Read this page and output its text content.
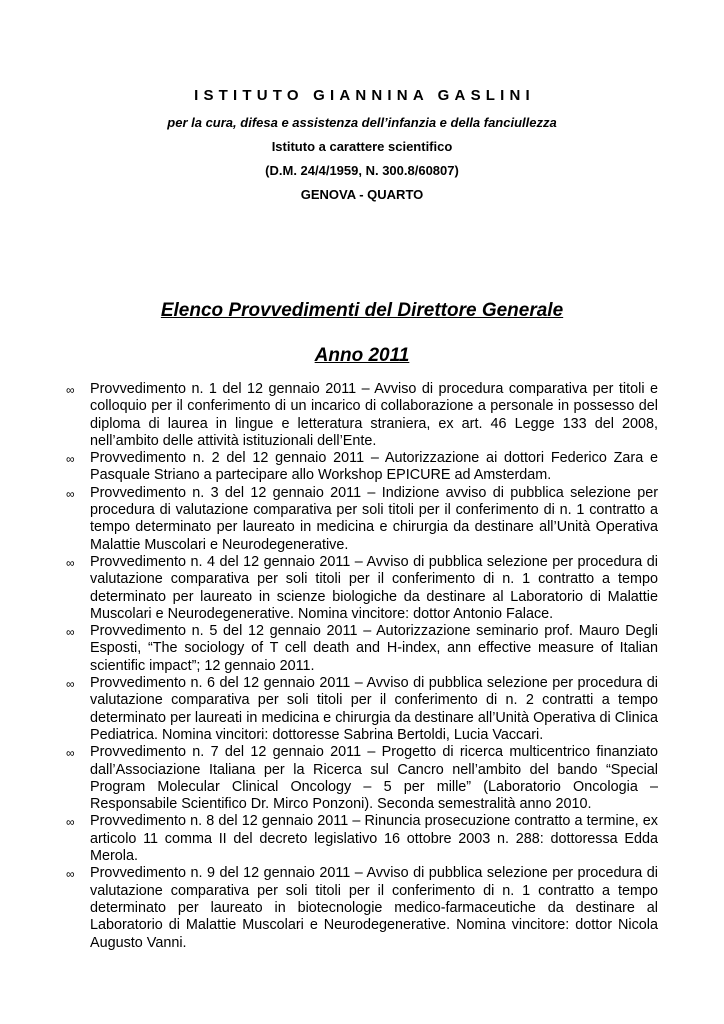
ISTITUTO GIANNINA GASLINI

per la cura, difesa e assistenza dell’infanzia e della fanciullezza

Istituto a carattere scientifico

(D.M. 24/4/1959, N. 300.8/60807)

GENOVA - QUARTO

Elenco Provvedimenti del Direttore Generale

Anno 2011

∞ Provvedimento n. 1 del 12 gennaio 2011 – Avviso di procedura comparativa per titoli e colloquio per il conferimento di un incarico di collaborazione a personale in possesso del diploma di laurea in lingue e letteratura straniera, ex art. 46 Legge 133 del 2008, nell’ambito delle attività istituzionali dell’Ente.
∞ Provvedimento n. 2 del 12 gennaio 2011 – Autorizzazione ai dottori Federico Zara e Pasquale Striano a partecipare allo Workshop EPICURE ad Amsterdam.
∞ Provvedimento n. 3 del 12 gennaio 2011 – Indizione avviso di pubblica selezione per procedura di valutazione comparativa per soli titoli per il conferimento di n. 1 contratto a tempo determinato per laureato in medicina e chirurgia da destinare all’Unità Operativa Malattie Muscolari e Neurodegenerative.
∞ Provvedimento n. 4 del 12 gennaio 2011 – Avviso di pubblica selezione per procedura di valutazione comparativa per soli titoli per il conferimento di n. 1 contratto a tempo determinato per laureato in scienze biologiche da destinare al Laboratorio di Malattie Muscolari e Neurodegenerative. Nomina vincitore: dottor Antonio Falace.
∞ Provvedimento n. 5 del 12 gennaio 2011 – Autorizzazione seminario prof. Mauro Degli Esposti, “The sociology of T cell death and H-index, ann effective measure of Italian scientific impact”; 12 gennaio 2011.
∞ Provvedimento n. 6 del 12 gennaio 2011 – Avviso di pubblica selezione per procedura di valutazione comparativa per soli titoli per il conferimento di n. 2 contratti a tempo determinato per laureati in medicina e chirurgia da destinare all’Unità Operativa di Clinica Pediatrica. Nomina vincitori: dottoresse Sabrina Bertoldi, Lucia Vaccari.
∞ Provvedimento n. 7 del 12 gennaio 2011 – Progetto di ricerca multicentrico finanziato dall’Associazione Italiana per la Ricerca sul Cancro nell’ambito del bando “Special Program Molecular Clinical Oncology – 5 per mille” (Laboratorio Oncologia – Responsabile Scientifico Dr. Mirco Ponzoni). Seconda semestralità anno 2010.
∞ Provvedimento n. 8 del 12 gennaio 2011 – Rinuncia prosecuzione contratto a termine, ex articolo 11 comma II del decreto legislativo 16 ottobre 2003 n. 288: dottoressa Edda Merola.
∞ Provvedimento n. 9 del 12 gennaio 2011 – Avviso di pubblica selezione per procedura di valutazione comparativa per soli titoli per il conferimento di n. 1 contratto a tempo determinato per laureato in biotecnologie medico-farmaceutiche da destinare al Laboratorio di Malattie Muscolari e Neurodegenerative. Nomina vincitore: dottor Nicola Augusto Vanni.
